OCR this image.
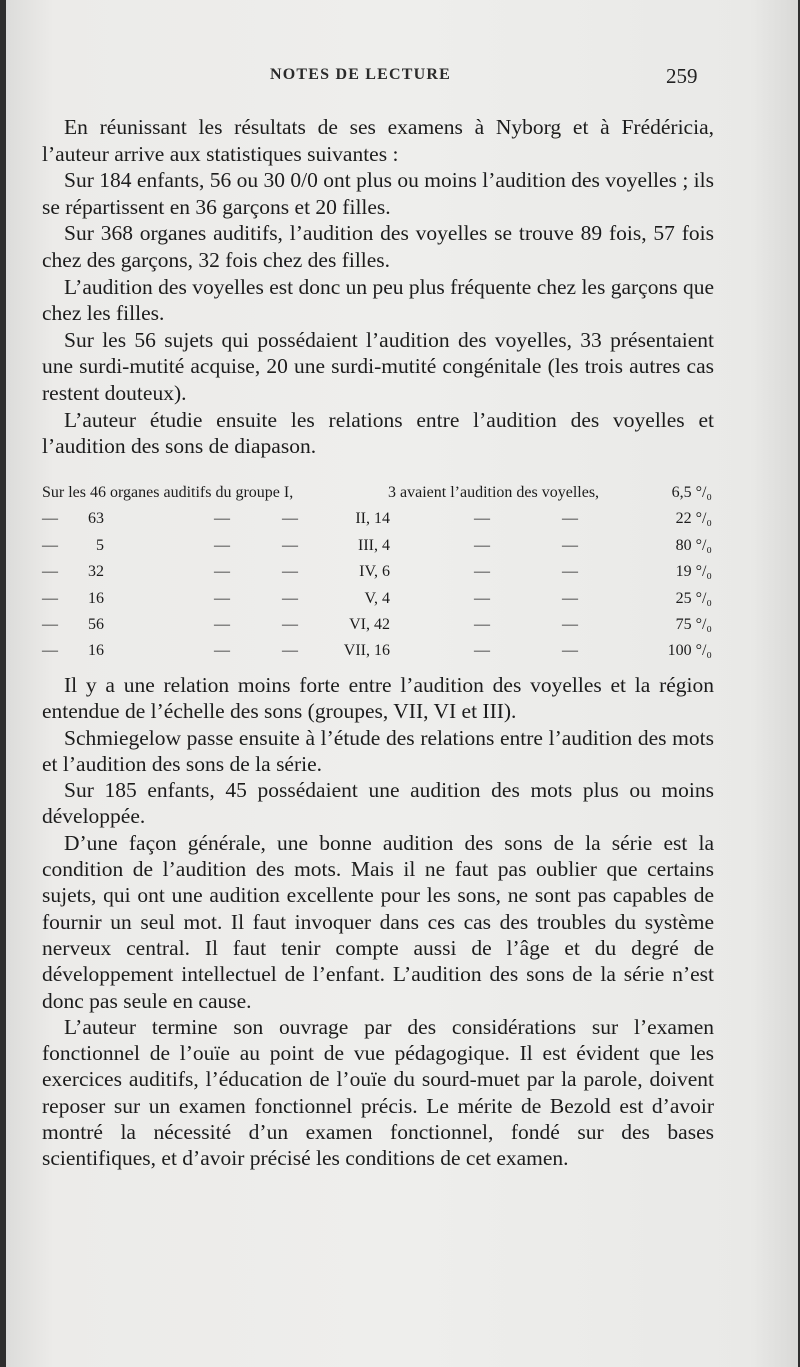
NOTES DE LECTURE	259

En réunissant les résultats de ses examens à Nyborg et à Frédéricia, l’auteur arrive aux statistiques suivantes :

Sur 184 enfants, 56 ou 30 0/0 ont plus ou moins l’audition des voyelles ; ils se répartissent en 36 garçons et 20 filles.

Sur 368 organes auditifs, l’audition des voyelles se trouve 89 fois, 57 fois chez des garçons, 32 fois chez des filles.

L’audition des voyelles est donc un peu plus fréquente chez les garçons que chez les filles.

Sur les 56 sujets qui possédaient l’audition des voyelles, 33 présentaient une surdi-mutité acquise, 20 une surdi-mutité congénitale (les trois autres cas restent douteux).

L’auteur étudie ensuite les relations entre l’audition des voyelles et l’audition des sons de diapason.

Sur les 46 organes auditifs du groupe I,	3 avaient l’audition des voyelles,	6,5 °/₀
—	63	—	—	II, 14	—	—	22 °/₀
—	5	—	—	III, 4	—	—	80 °/₀
—	32	—	—	IV, 6	—	—	19 °/₀
—	16	—	—	V, 4	—	—	25 °/₀
—	56	—	—	VI, 42	—	—	75 °/₀
—	16	—	—	VII, 16	—	—	100 °/₀

Il y a une relation moins forte entre l’audition des voyelles et la région entendue de l’échelle des sons (groupes, VII, VI et III).

Schmiegelow passe ensuite à l’étude des relations entre l’audition des mots et l’audition des sons de la série.

Sur 185 enfants, 45 possédaient une audition des mots plus ou moins développée.

D’une façon générale, une bonne audition des sons de la série est la condition de l’audition des mots. Mais il ne faut pas oublier que certains sujets, qui ont une audition excellente pour les sons, ne sont pas capables de fournir un seul mot. Il faut invoquer dans ces cas des troubles du système nerveux central. Il faut tenir compte aussi de l’âge et du degré de développement intellectuel de l’enfant. L’audition des sons de la série n’est donc pas seule en cause.

L’auteur termine son ouvrage par des considérations sur l’examen fonctionnel de l’ouïe au point de vue pédagogique. Il est évident que les exercices auditifs, l’éducation de l’ouïe du sourd-muet par la parole, doivent reposer sur un examen fonctionnel précis. Le mérite de Bezold est d’avoir montré la nécessité d’un examen fonctionnel, fondé sur des bases scientifiques, et d’avoir précisé les conditions de cet examen.
